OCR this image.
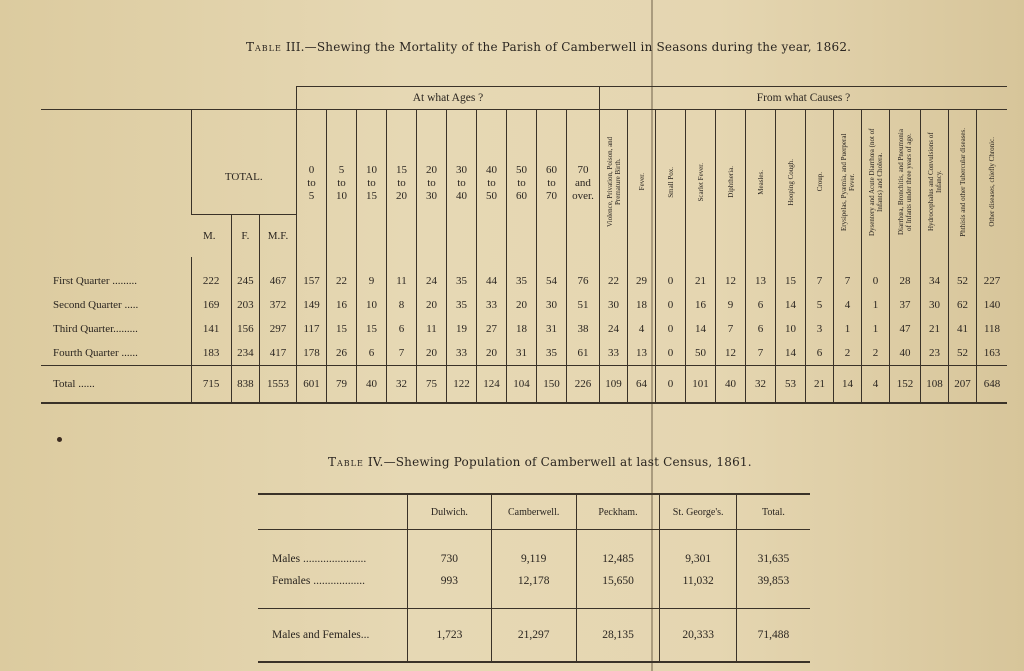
Table III.—Shewing the Mortality of the Parish of Camberwell in Seasons during the year, 1862.
				At what Ages ?										From what Causes ?													
	TOTAL.			0
to
5	5
to
10	10
to
15	15
to
20	20
to
30	30
to
40	40
to
50	50
to
60	60
to
70	70
and
over.	Violence, Privation, Poison, and Premature Birth.	Fever.	Small Pox.	Scarlet Fever.	Diphtheria.	Measles.	Hooping Cough.	Croup.	Erysipelas, Pyæmia, and Puerperal Fever.	Dysentery and Acute Diarrhœa (not of Infants) and Cholera.	Diarrhœa, Bronchitis, and Pneumonia of Infants under three years of age.	Hydrocephalus and Convulsions of Infancy.	Phthisis and other Tubercular diseases.	Other diseases, chiefly Chronic.
	M.	F.	M.F.																								
First Quarter .........	222	245	467	157	22	9	11	24	35	44	35	54	76	22	29	0	21	12	13	15	7	7	0	28	34	52	227
Second Quarter .....	169	203	372	149	16	10	8	20	35	33	20	30	51	30	18	0	16	9	6	14	5	4	1	37	30	62	140
Third Quarter.........	141	156	297	117	15	15	6	11	19	27	18	31	38	24	4	0	14	7	6	10	3	1	1	47	21	41	118
Fourth Quarter ......	183	234	417	178	26	6	7	20	33	20	31	35	61	33	13	0	50	12	7	14	6	2	2	40	23	52	163
Total ......	715	838	1553	601	79	40	32	75	122	124	104	150	226	109	64	0	101	40	32	53	21	14	4	152	108	207	648
Table IV.—Shewing Population of Camberwell at last Census, 1861.
	Dulwich.	Camberwell.	Peckham.	St. George's.	Total.
Males ......................	730	9,119	12,485	9,301	31,635
Females ..................	993	12,178	15,650	11,032	39,853
Males and Females...	1,723	21,297	28,135	20,333	71,488
